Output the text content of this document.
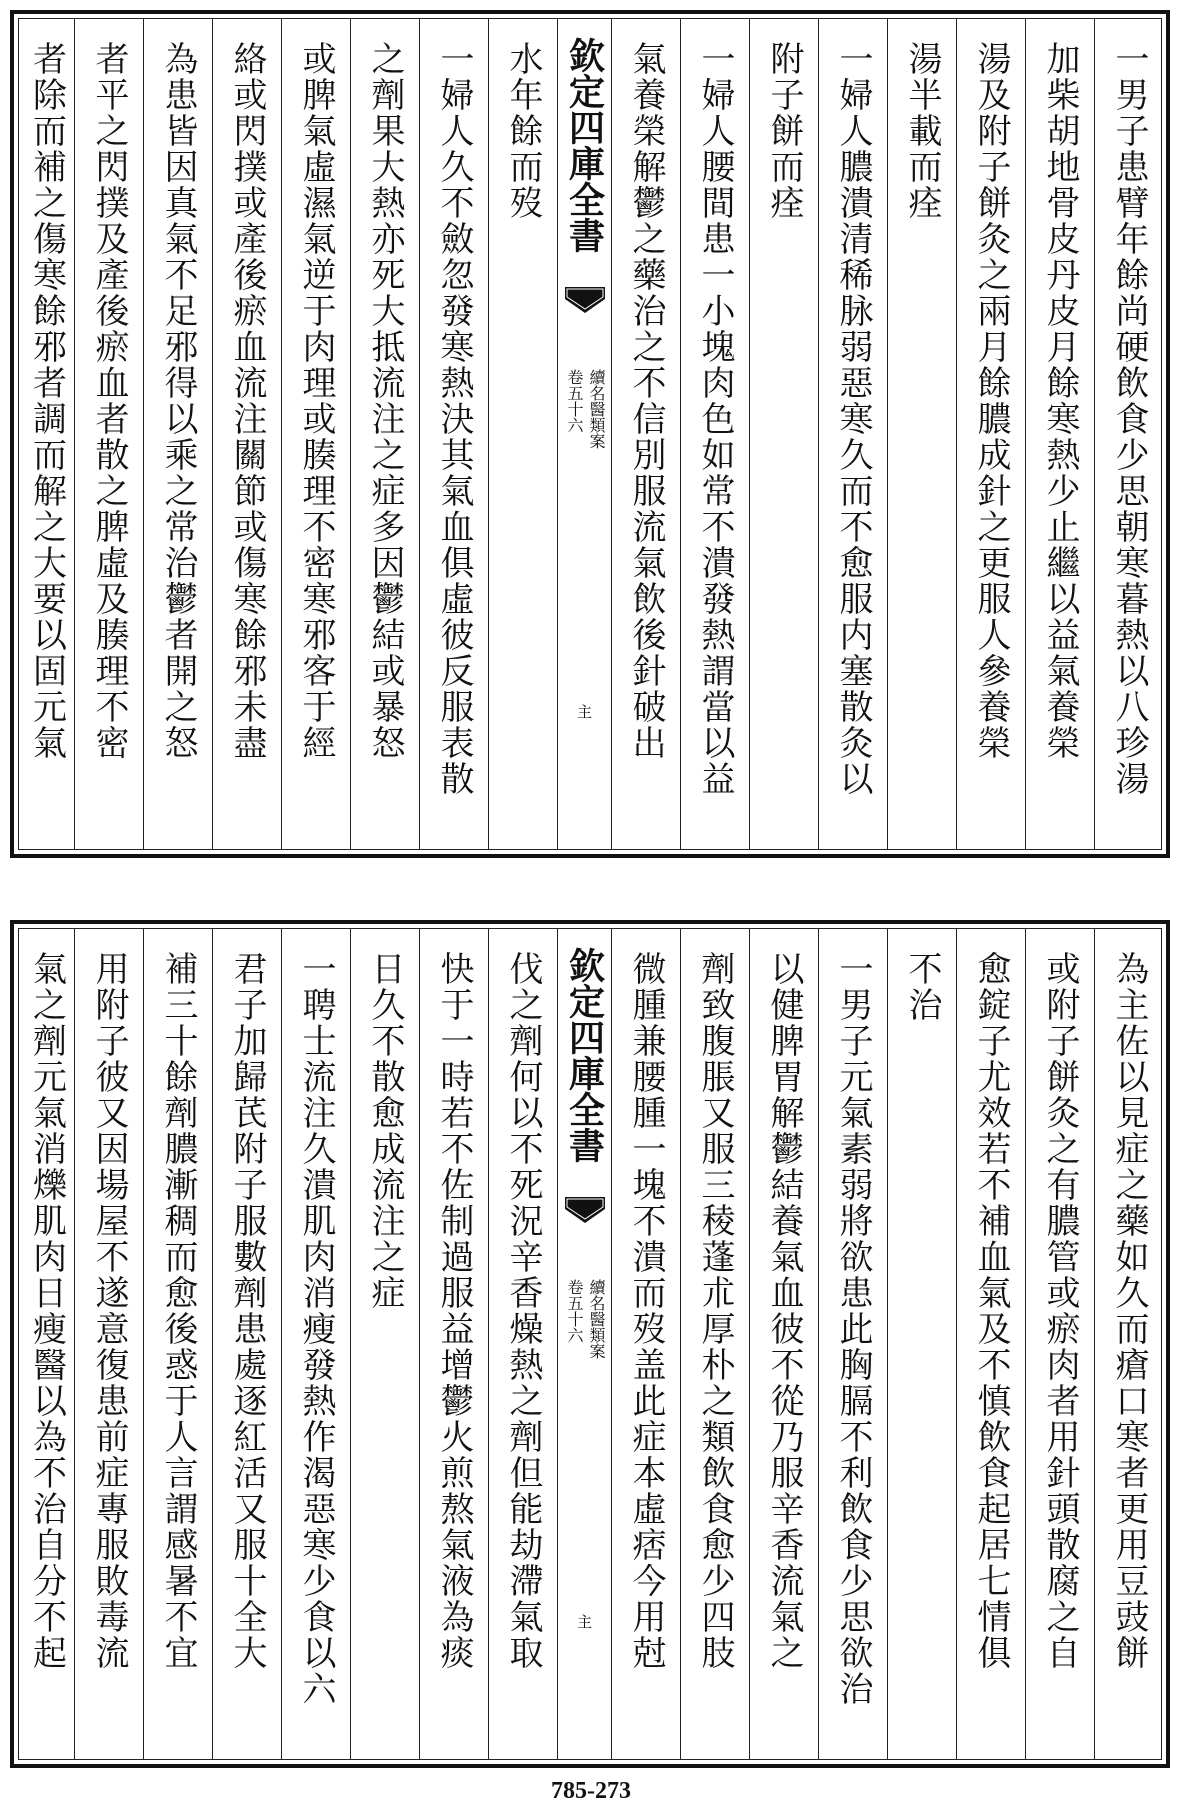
一男子患臂年餘尚硬飲食少思朝寒暮熱以八珍湯
加柴胡地骨皮丹皮月餘寒熱少止繼以益氣養榮
湯及附子餅灸之兩月餘膿成針之更服人參養榮
湯半載而痊
一婦人膿潰清稀脉弱惡寒久而不愈服内塞散灸以
附子餅而痊
一婦人腰間患一小塊肉色如常不潰發熱謂當以益
氣養榮解鬱之藥治之不信別服流氣飲後針破出
欽定四庫全書
續名醫類案
卷五十六
主
水年餘而歿
一婦人久不斂忽發寒熱決其氣血俱虛彼反服表散
之劑果大熱亦死大抵流注之症多因鬱結或暴怒
或脾氣虛濕氣逆于肉理或腠理不密寒邪客于經
絡或閃撲或產後瘀血流注關節或傷寒餘邪未盡
為患皆因真氣不足邪得以乘之常治鬱者開之怒
者平之閃撲及產後瘀血者散之脾虛及腠理不密
者除而補之傷寒餘邪者調而解之大要以固元氣
為主佐以見症之藥如久而瘡口寒者更用豆豉餅
或附子餅灸之有膿管或瘀肉者用針頭散腐之自
愈錠子尤效若不補血氣及不慎飲食起居七情俱
不治
一男子元氣素弱將欲患此胸膈不利飲食少思欲治
以健脾胃解鬱結養氣血彼不從乃服辛香流氣之
劑致腹脹又服三稜蓬朮厚朴之類飲食愈少四肢
微腫兼腰腫一塊不潰而歿盖此症本虛痞今用尅
欽定四庫全書
續名醫類案
卷五十六
主
伐之劑何以不死況辛香燥熱之劑但能劫滯氣取
快于一時若不佐制過服益增鬱火煎熬氣液為痰
日久不散愈成流注之症
一聘士流注久潰肌肉消瘦發熱作渴惡寒少食以六
君子加歸芪附子服數劑患處逐紅活又服十全大
補三十餘劑膿漸稠而愈後惑于人言謂感暑不宜
用附子彼又因場屋不遂意復患前症專服敗毒流
氣之劑元氣消爍肌肉日瘦醫以為不治自分不起
785-273
